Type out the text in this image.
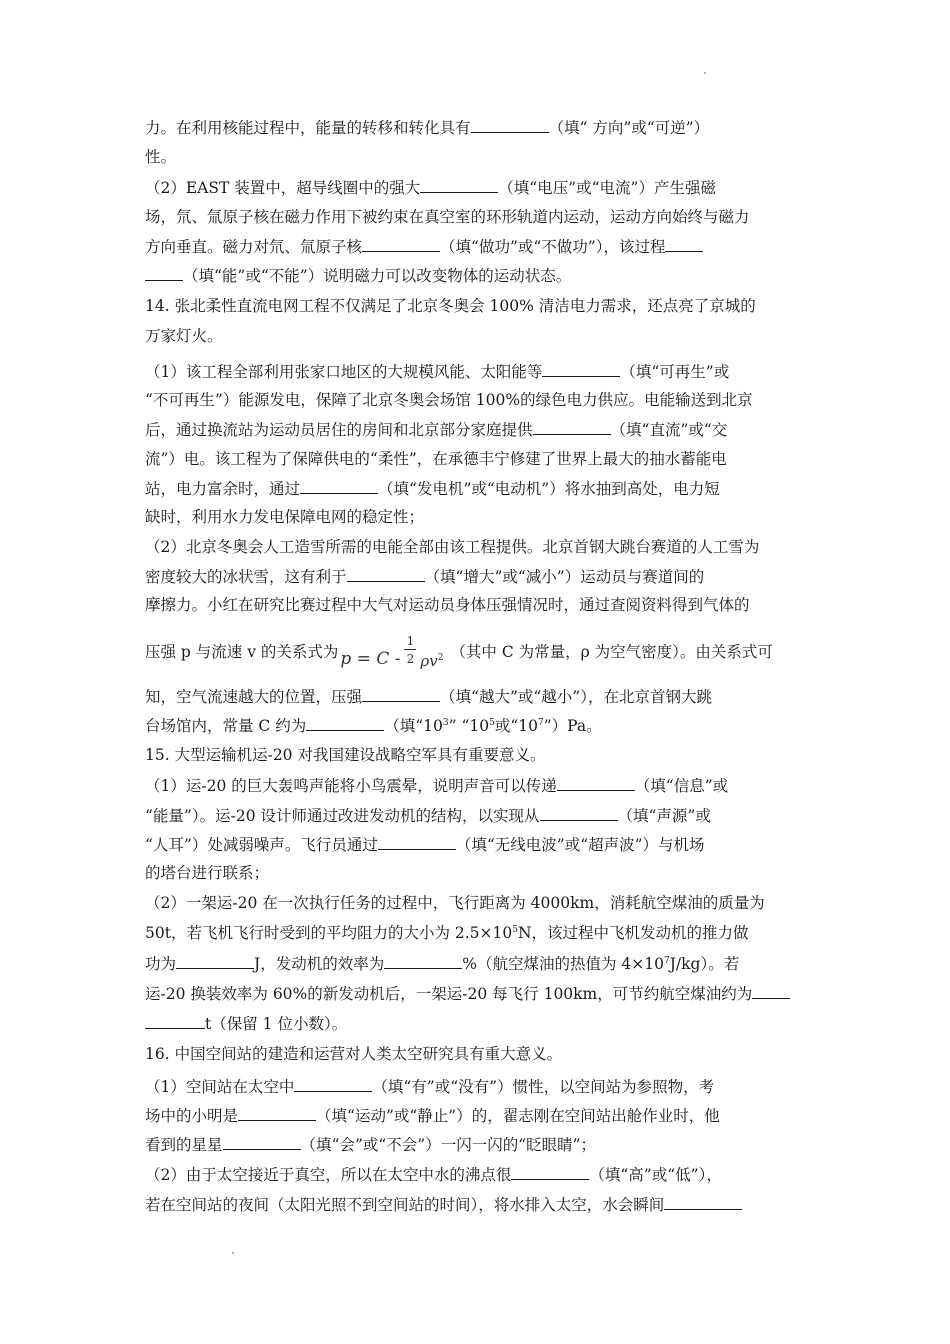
力。在利用核能过程中，能量的转移和转化具有	（填“ 方向”或“可逆”）
性。
（2）EAST 装置中，超导线圈中的强大	（填“电压”或“电流”）产生强磁
场，氘、氚原子核在磁力作用下被约束在真空室的环形轨道内运动，运动方向始终与磁力
方向垂直。磁力对氘、氚原子核	（填“做功”或“不做功”），该过程
（填“能”或“不能”）说明磁力可以改变物体的运动状态。
14. 张北柔性直流电网工程不仅满足了北京冬奥会 100% 清洁电力需求，还点亮了京城的
万家灯火。
（1）该工程全部利用张家口地区的大规模风能、太阳能等	（填“可再生”或
“不可再生”）能源发电，保障了北京冬奥会场馆 100%的绿色电力供应。电能输送到北京
后，通过换流站为运动员居住的房间和北京部分家庭提供	（填“直流”或“交
流”）电。该工程为了保障供电的“柔性”，在承德丰宁修建了世界上最大的抽水蓄能电
站，电力富余时，通过	（填“发电机”或“电动机”）将水抽到高处，电力短
缺时，利用水力发电保障电网的稳定性；
（2）北京冬奥会人工造雪所需的电能全部由该工程提供。北京首钢大跳台赛道的人工雪为
密度较大的冰状雪，这有利于	（填“增大”或“减小”）运动员与赛道间的
摩擦力。小红在研究比赛过程中大气对运动员身体压强情况时，通过查阅资料得到气体的
压强 p 与流速 v 的关系式为 p = C -
1
2 $\rho v^2$ （其中 C 为常量，ρ 为空气密度）。由关系式可
知，空气流速越大的位置，压强	（填“越大”或“越小”），在北京首钢大跳
台场馆内，常量 C 约为	（填“$10^3$” “$10^5$或“$10^7”)Pa$。
15. 大型运输机运-20 对我国建设战略空军具有重要意义。
（1）运-20 的巨大轰鸣声能将小鸟震晕，说明声音可以传递	（填“信息”或
“能量”）。运-20 设计师通过改进发动机的结构，以实现从	（填“声源”或
“人耳”）处减弱噪声。飞行员通过	（填“无线电波”或“超声波”）与机场
的塔台进行联系；
（2）一架运-20 在一次执行任务的过程中，飞行距离为 4000km，消耗航空煤油的质量为
50t，若飞机飞行时受到的平均阻力的大小为 $2.5\times 10^5N$，该过程中飞机发动机的推力做
功为	J，发动机的效率为	%（航空煤油的热值为 $4\times 10^7J/kg$）。若
运-20 换装效率为 60%的新发动机后，一架运-20 每飞行 100km，可节约航空煤油约为
t（保留 1 位小数）。
16. 中国空间站的建造和运营对人类太空研究具有重大意义。
（1）空间站在太空中	（填“有”或“没有”）惯性，以空间站为参照物，考
场中的小明是	（填“运动”或“静止”）的，翟志刚在空间站出舱作业时，他
看到的星星	（填“会”或“不会”）一闪一闪的“眨眼睛”；
（2）由于太空接近于真空，所以在太空中水的沸点很	（填“高”或“低”），
若在空间站的夜间（太阳光照不到空间站的时间），将水排入太空，水会瞬间
